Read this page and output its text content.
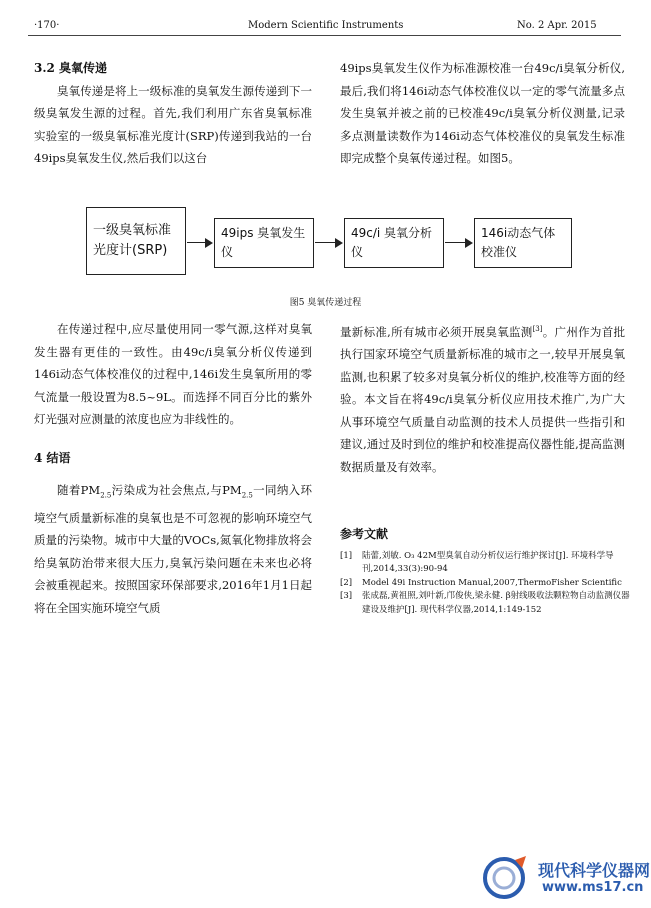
·170·	Modern Scientific Instruments	No. 2 Apr. 2015
3.2 臭氧传递

臭氧传递是将上一级标准的臭氧发生源传递到下一级臭氧发生源的过程。首先,我们利用广东省臭氧标准实验室的一级臭氧标准光度计(SRP)传递到我站的一台49ips臭氧发生仪,然后我们以这台

49ips臭氧发生仪作为标准源校准一台49c/i臭氧分析仪,最后,我们将146i动态气体校准仪以一定的零气流量多点发生臭氧并被之前的已校准49c/i臭氧分析仪测量,记录多点测量读数作为146i动态气体校准仪的臭氧发生标准即完成整个臭氧传递过程。如图5。

一级臭氧标准光度计(SRP)
49ips 臭氧发生仪
49c/i 臭氧分析仪
146i动态气体校准仪
图5 臭氧传递过程

在传递过程中,应尽量使用同一零气源,这样对臭氧发生器有更佳的一致性。由49c/i臭氧分析仪传递到146i动态气体校准仪的过程中,146i发生臭氧所用的零气流量一般设置为8.5~9L。而选择不同百分比的紫外灯光强对应测量的浓度也应为非线性的。

4 结语

随着$PM_{2.5}$污染成为社会焦点,与$PM_{2.5}$一同纳入环境空气质量新标准的臭氧也是不可忽视的影响环境空气质量的污染物。城市中大量的VOCs,氮氧化物排放将会给臭氧防治带来很大压力,臭氧污染问题在未来也必将会被重视起来。按照国家环保部要求,2016年1月1日起将在全国实施环境空气质

量新标准,所有城市必须开展臭氧监测[3]。广州作为首批执行国家环境空气质量新标准的城市之一,较早开展臭氧监测,也积累了较多对臭氧分析仪的维护,校准等方面的经验。本文旨在将49c/i臭氧分析仪应用技术推广,为广大从事环境空气质量自动监测的技术人员提供一些指引和建议,通过及时到位的维护和校准提高仪器性能,提高监测数据质量及有效率。

参考文献
[1] 陆蕾,刘敏. O₃ 42M型臭氧自动分析仪运行维护探讨[J]. 环境科学导刊,2014,33(3):90-94
[2] Model 49i Instruction Manual,2007,ThermoFisher Scientific
[3] 张成磊,黄祖照,刘叶新,邝俊侠,梁永健. β射线吸收法颗粒物自动监测仪器建设及维护[J]. 现代科学仪器,2014,1:149-152
现代科学仪器网
www.ms17.cn
